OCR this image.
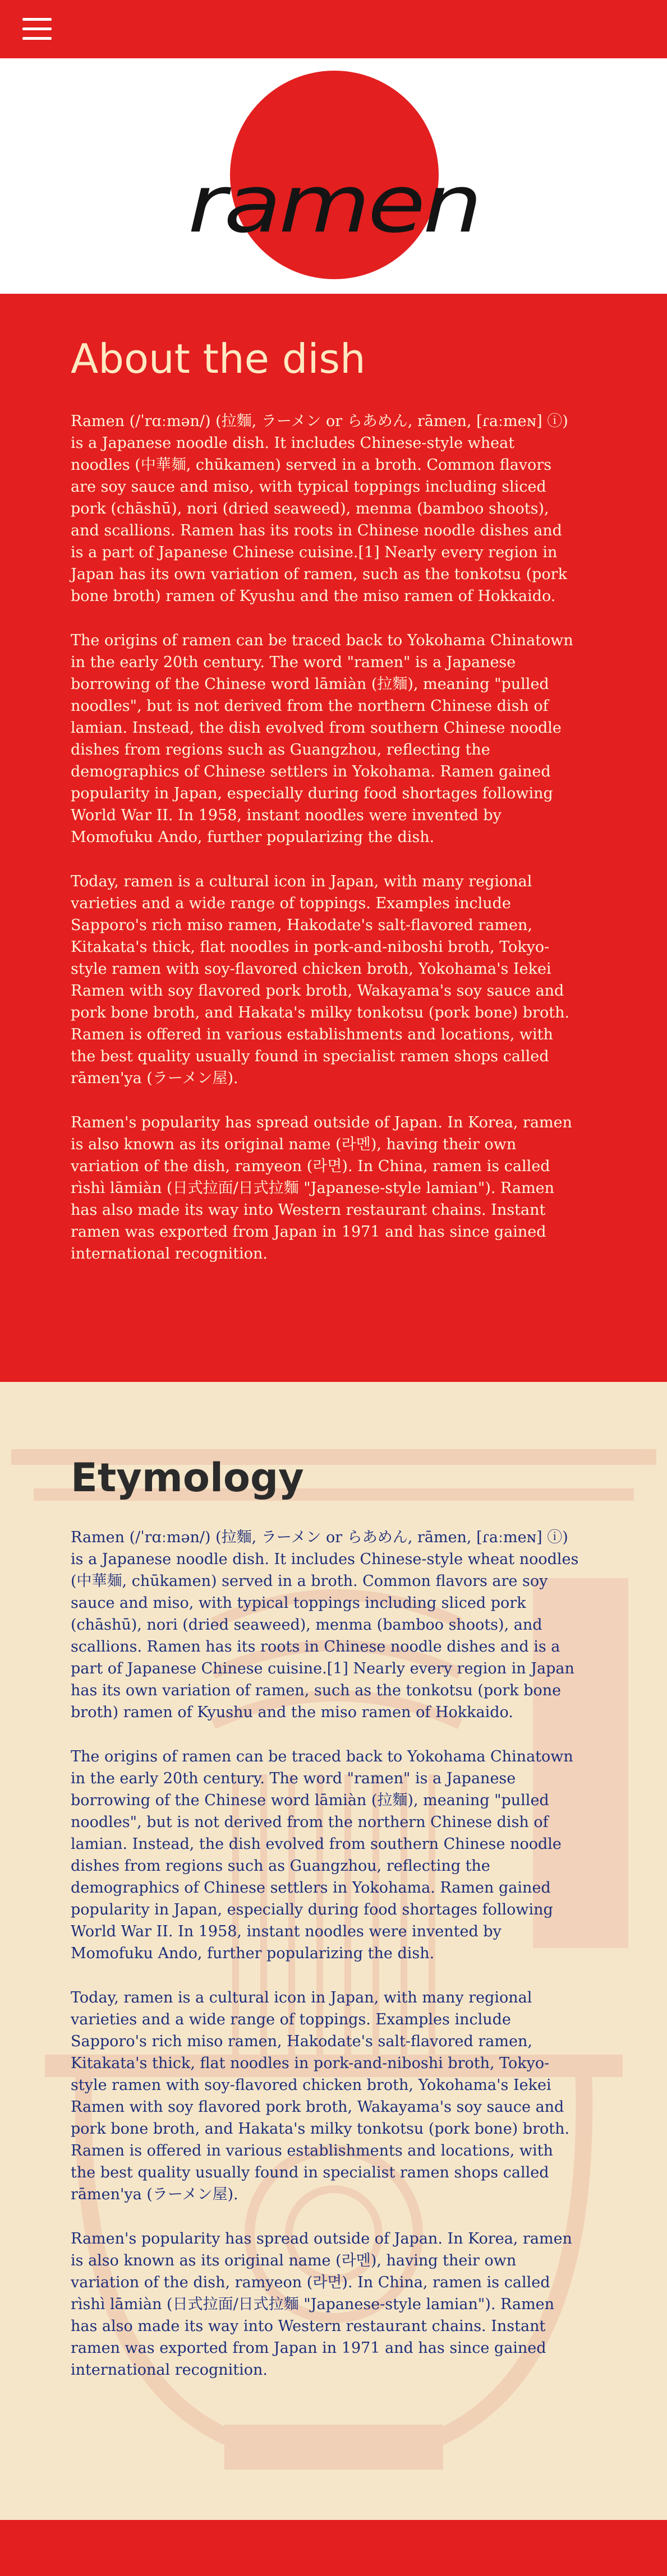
ramen
About the dish

Ramen (/ˈrɑːmən/) (拉麵, ラーメン or らあめん, rāmen, [ɾaːmeɴ] ⓘ) is a Japanese noodle dish. It includes Chinese-style wheat noodles (中華麺, chūkamen) served in a broth. Common flavors are soy sauce and miso, with typical toppings including sliced pork (chāshū), nori (dried seaweed), menma (bamboo shoots), and scallions. Ramen has its roots in Chinese noodle dishes and is a part of Japanese Chinese cuisine.[1] Nearly every region in Japan has its own variation of ramen, such as the tonkotsu (pork bone broth) ramen of Kyushu and the miso ramen of Hokkaido.

The origins of ramen can be traced back to Yokohama Chinatown in the early 20th century. The word "ramen" is a Japanese borrowing of the Chinese word lāmiàn (拉麵), meaning "pulled noodles", but is not derived from the northern Chinese dish of lamian. Instead, the dish evolved from southern Chinese noodle dishes from regions such as Guangzhou, reflecting the demographics of Chinese settlers in Yokohama. Ramen gained popularity in Japan, especially during food shortages following World War II. In 1958, instant noodles were invented by Momofuku Ando, further popularizing the dish.

Today, ramen is a cultural icon in Japan, with many regional varieties and a wide range of toppings. Examples include Sapporo's rich miso ramen, Hakodate's salt-flavored ramen, Kitakata's thick, flat noodles in pork-and-niboshi broth, Tokyo-style ramen with soy-flavored chicken broth, Yokohama's Iekei Ramen with soy flavored pork broth, Wakayama's soy sauce and pork bone broth, and Hakata's milky tonkotsu (pork bone) broth. Ramen is offered in various establishments and locations, with the best quality usually found in specialist ramen shops called rāmen'ya (ラーメン屋).

Ramen's popularity has spread outside of Japan. In Korea, ramen is also known as its original name (라멘), having their own variation of the dish, ramyeon (라면). In China, ramen is called rìshì lāmiàn (日式拉面/日式拉麵 "Japanese-style lamian"). Ramen has also made its way into Western restaurant chains. Instant ramen was exported from Japan in 1971 and has since gained international recognition.

Etymology

Ramen (/ˈrɑːmən/) (拉麵, ラーメン or らあめん, rāmen, [ɾaːmeɴ] ⓘ) is a Japanese noodle dish. It includes Chinese-style wheat noodles (中華麺, chūkamen) served in a broth. Common flavors are soy sauce and miso, with typical toppings including sliced pork (chāshū), nori (dried seaweed), menma (bamboo shoots), and scallions. Ramen has its roots in Chinese noodle dishes and is a part of Japanese Chinese cuisine.[1] Nearly every region in Japan has its own variation of ramen, such as the tonkotsu (pork bone broth) ramen of Kyushu and the miso ramen of Hokkaido.

The origins of ramen can be traced back to Yokohama Chinatown in the early 20th century. The word "ramen" is a Japanese borrowing of the Chinese word lāmiàn (拉麵), meaning "pulled noodles", but is not derived from the northern Chinese dish of lamian. Instead, the dish evolved from southern Chinese noodle dishes from regions such as Guangzhou, reflecting the demographics of Chinese settlers in Yokohama. Ramen gained popularity in Japan, especially during food shortages following World War II. In 1958, instant noodles were invented by Momofuku Ando, further popularizing the dish.

Today, ramen is a cultural icon in Japan, with many regional varieties and a wide range of toppings. Examples include Sapporo's rich miso ramen, Hakodate's salt-flavored ramen, Kitakata's thick, flat noodles in pork-and-niboshi broth, Tokyo-style ramen with soy-flavored chicken broth, Yokohama's Iekei Ramen with soy flavored pork broth, Wakayama's soy sauce and pork bone broth, and Hakata's milky tonkotsu (pork bone) broth. Ramen is offered in various establishments and locations, with the best quality usually found in specialist ramen shops called rāmen'ya (ラーメン屋).

Ramen's popularity has spread outside of Japan. In Korea, ramen is also known as its original name (라멘), having their own variation of the dish, ramyeon (라면). In China, ramen is called rìshì lāmiàn (日式拉面/日式拉麵 "Japanese-style lamian"). Ramen has also made its way into Western restaurant chains. Instant ramen was exported from Japan in 1971 and has since gained international recognition.
